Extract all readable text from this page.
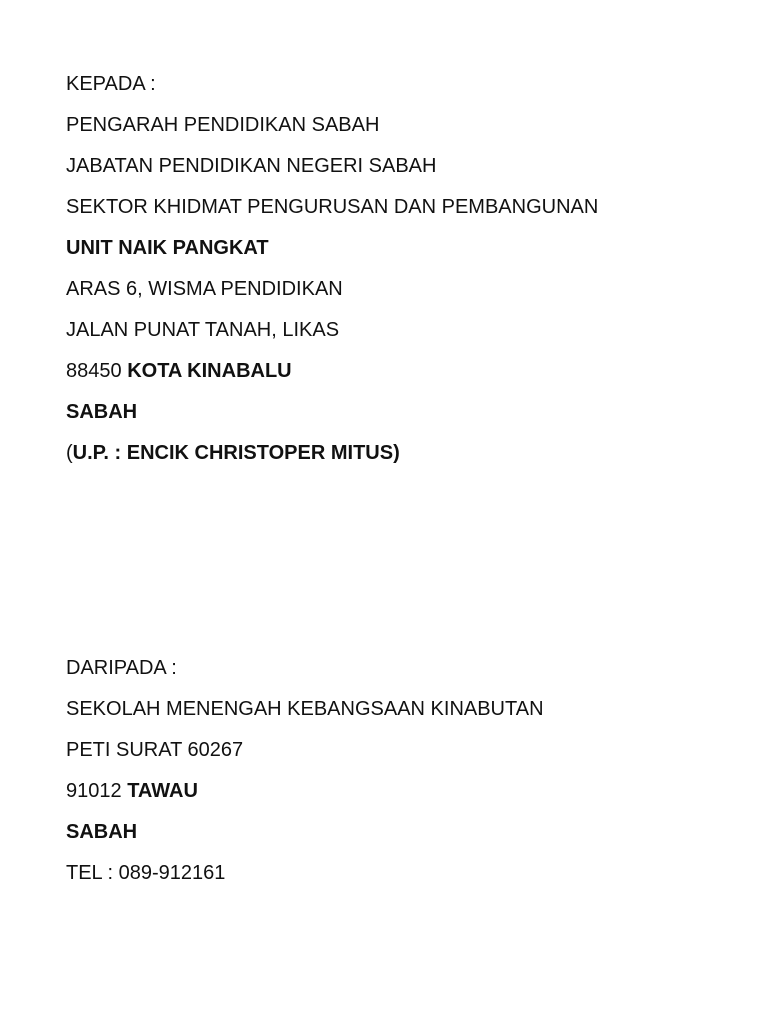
KEPADA :
PENGARAH PENDIDIKAN SABAH
JABATAN PENDIDIKAN NEGERI SABAH
SEKTOR KHIDMAT PENGURUSAN DAN PEMBANGUNAN
UNIT NAIK PANGKAT
ARAS 6, WISMA PENDIDIKAN
JALAN PUNAT TANAH, LIKAS
88450 KOTA KINABALU
SABAH
(U.P. : ENCIK CHRISTOPER MITUS)
DARIPADA :
SEKOLAH MENENGAH KEBANGSAAN KINABUTAN
PETI SURAT 60267
91012 TAWAU
SABAH
TEL : 089-912161
